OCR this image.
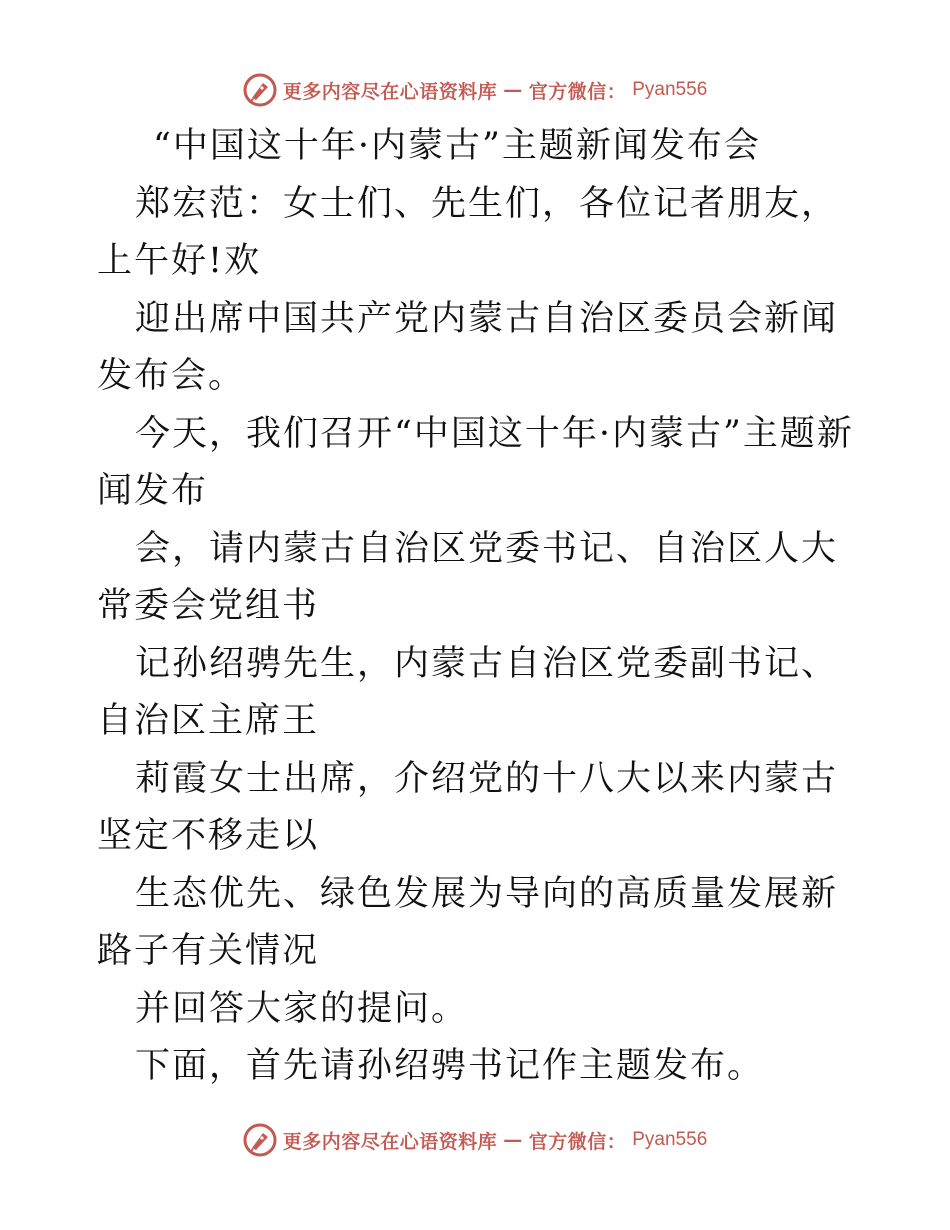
更多内容尽在心语资料库 — 官方微信： Pyan556

“中国这十年·内蒙古”主题新闻发布会

郑宏范：女士们、先生们，各位记者朋友，上午好!欢

迎出席中国共产党内蒙古自治区委员会新闻发布会。

今天，我们召开“中国这十年·内蒙古”主题新闻发布

会，请内蒙古自治区党委书记、自治区人大常委会党组书

记孙绍骋先生，内蒙古自治区党委副书记、自治区主席王

莉霞女士出席，介绍党的十八大以来内蒙古坚定不移走以

生态优先、绿色发展为导向的高质量发展新路子有关情况

并回答大家的提问。

下面，首先请孙绍骋书记作主题发布。

更多内容尽在心语资料库 — 官方微信： Pyan556
